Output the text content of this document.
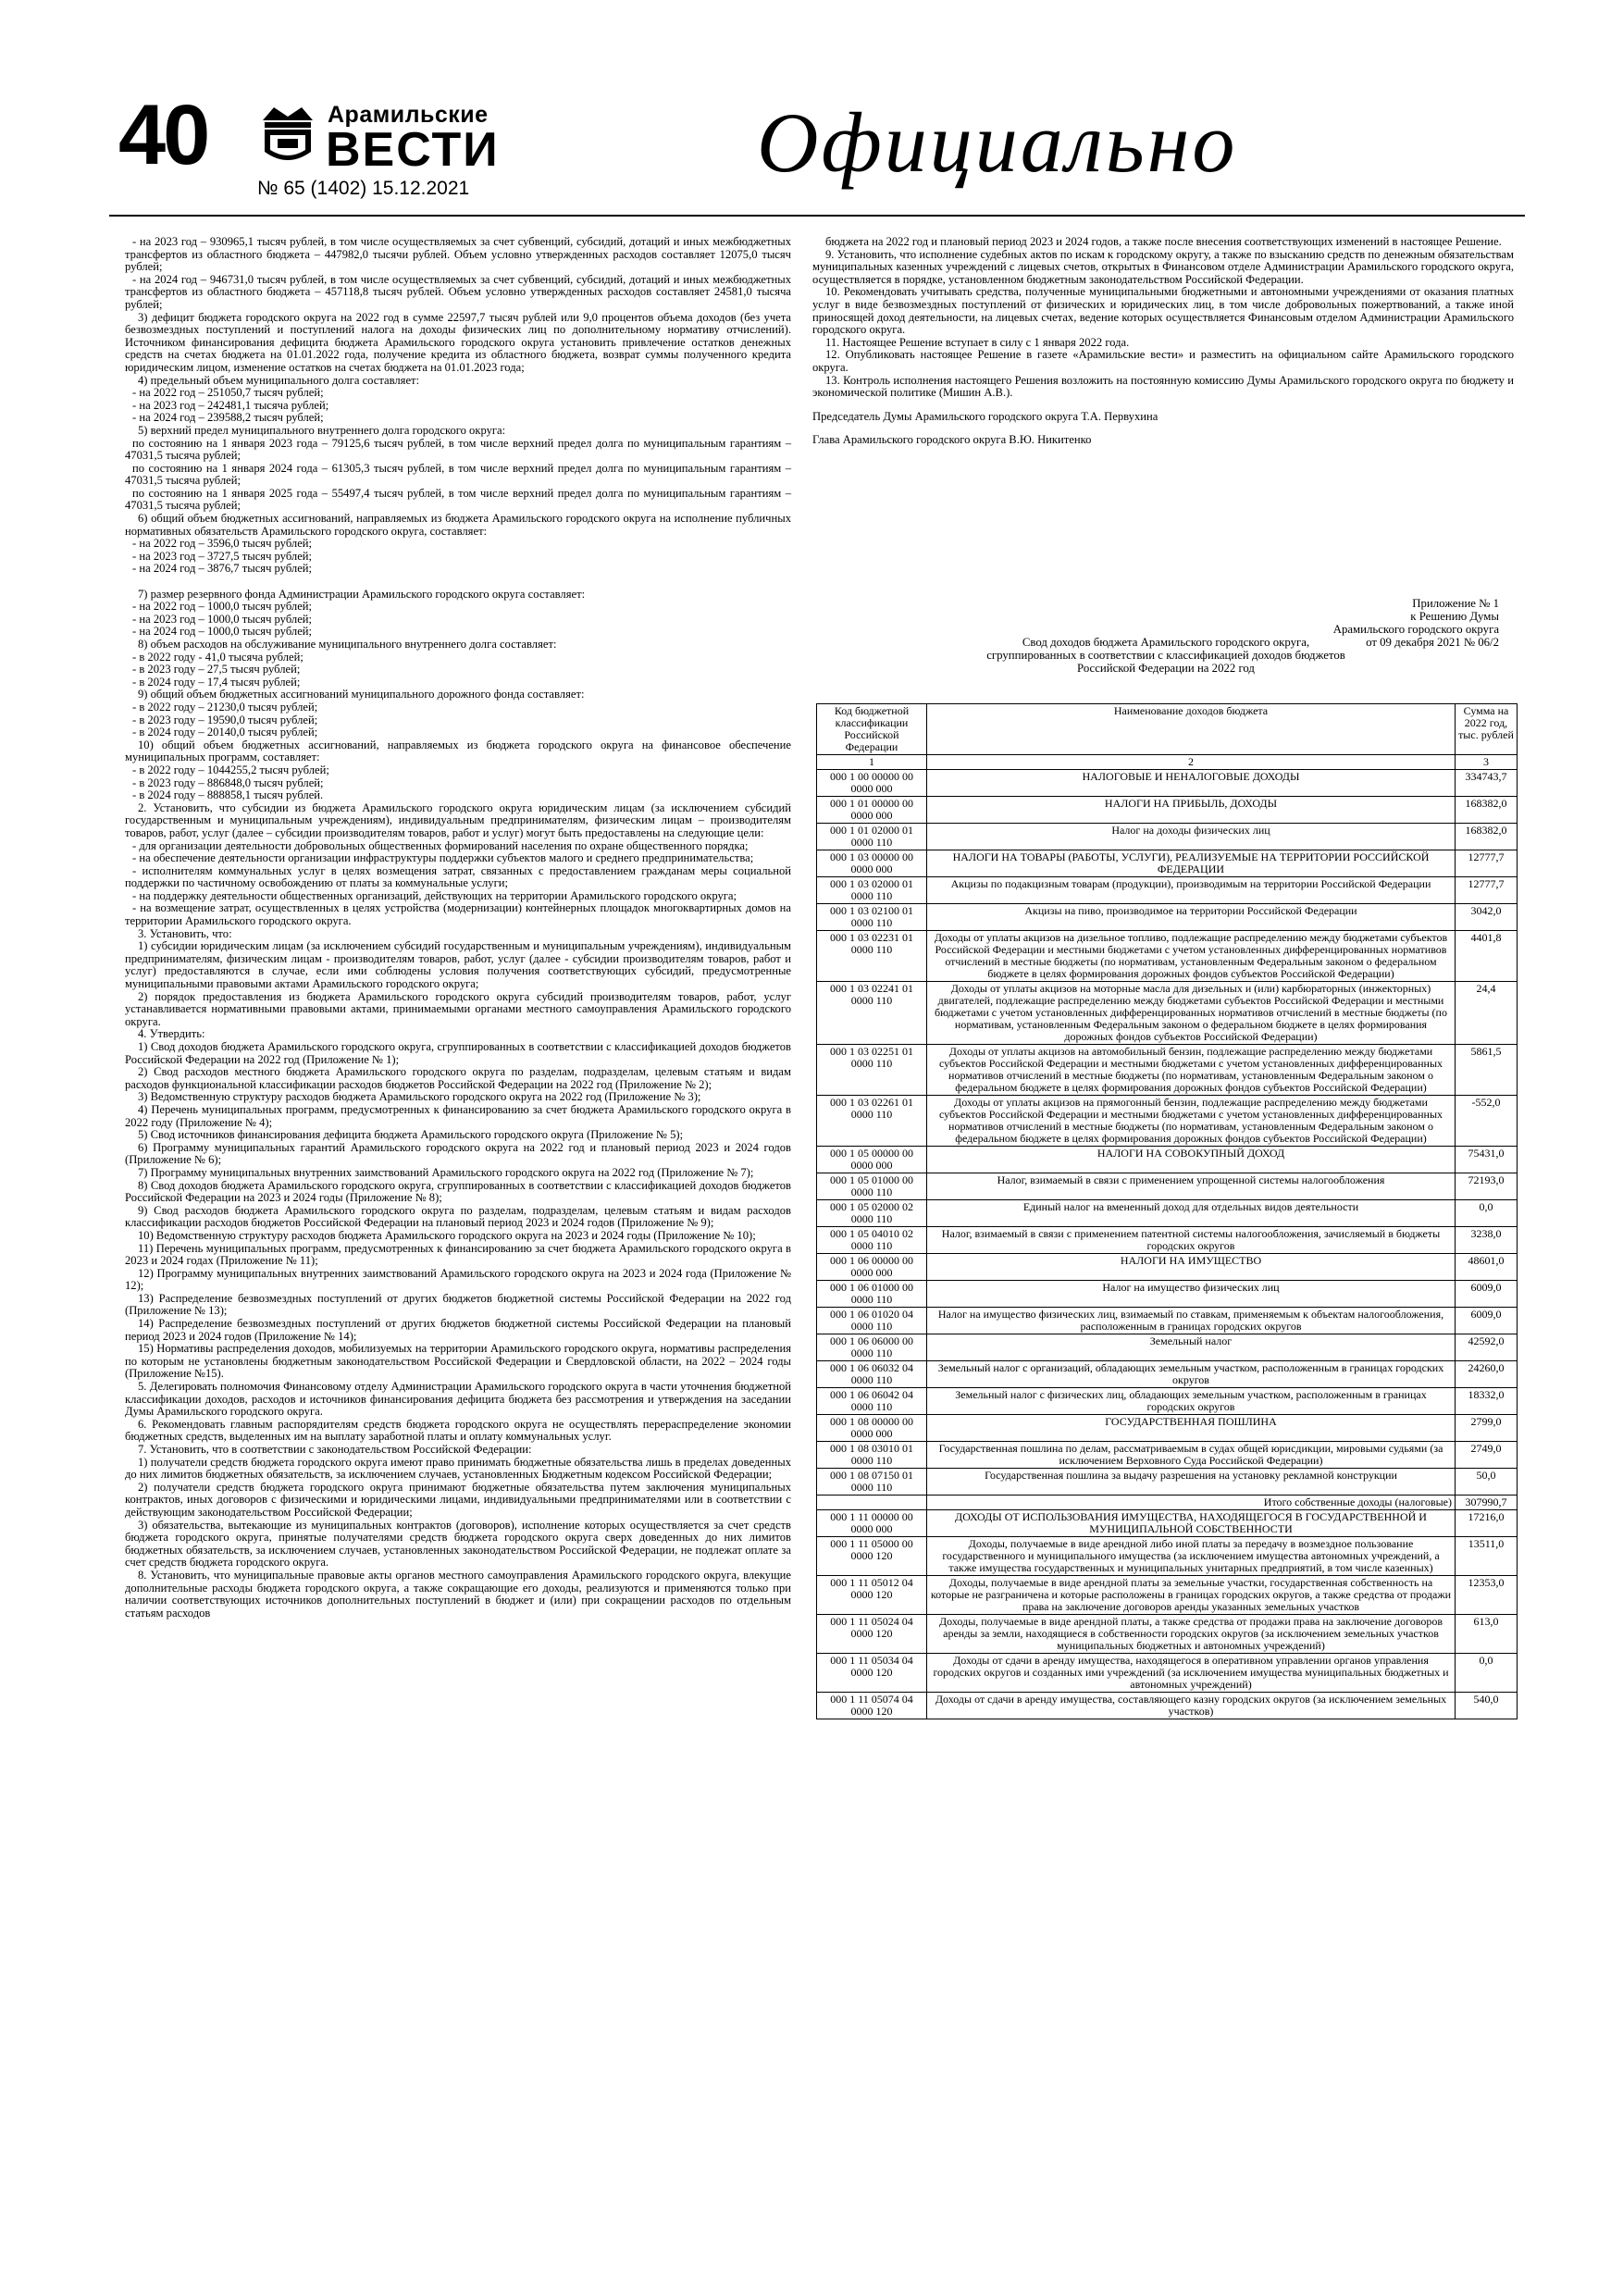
40	Арамильские
ВЕСТИ
№ 65 (1402) 15.12.2021	Официально

- на 2023 год – 930965,1 тысяч рублей, в том числе осуществляемых за счет субвенций, субсидий, дотаций и иных межбюджетных трансфертов из областного бюджета – 447982,0 тысячи рублей. Объем условно утвержденных расходов составляет 12075,0 тысяч рублей;

- на 2024 год – 946731,0 тысяч рублей, в том числе осуществляемых за счет субвенций, субсидий, дотаций и иных межбюджетных трансфертов из областного бюджета – 457118,8 тысяч рублей. Объем условно утвержденных расходов составляет 24581,0 тысяча рублей;

3) дефицит бюджета городского округа на 2022 год в сумме 22597,7 тысяч рублей или 9,0 процентов объема доходов (без учета безвозмездных поступлений и поступлений налога на доходы физических лиц по дополнительному нормативу отчислений). Источником финансирования дефицита бюджета Арамильского городского округа установить привлечение остатков денежных средств на счетах бюджета на 01.01.2022 года, получение кредита из областного бюджета, возврат суммы полученного кредита юридическим лицом, изменение остатков на счетах бюджета на 01.01.2023 года;

4) предельный объем муниципального долга составляет:

- на 2022 год – 251050,7 тысяч рублей;

- на 2023 год – 242481,1 тысяча рублей;

- на 2024 год – 239588,2 тысяч рублей;

5) верхний предел муниципального внутреннего долга городского округа:

по состоянию на 1 января 2023 года – 79125,6 тысяч рублей, в том числе верхний предел долга по муниципальным гарантиям – 47031,5 тысяча рублей;

по состоянию на 1 января 2024 года – 61305,3 тысяч рублей, в том числе верхний предел долга по муниципальным гарантиям – 47031,5 тысяча рублей;

по состоянию на 1 января 2025 года – 55497,4 тысяч рублей, в том числе верхний предел долга по муниципальным гарантиям – 47031,5 тысяча рублей;

6) общий объем бюджетных ассигнований, направляемых из бюджета Арамильского городского округа на исполнение публичных нормативных обязательств Арамильского городского округа, составляет:

- на 2022 год – 3596,0 тысяч рублей;

- на 2023 год – 3727,5 тысяч рублей;

- на 2024 год – 3876,7 тысяч рублей;

7) размер резервного фонда Администрации Арамильского городского округа составляет:

- на 2022 год – 1000,0 тысяч рублей;

- на 2023 год – 1000,0 тысяч рублей;

- на 2024 год – 1000,0 тысяч рублей;

8) объем расходов на обслуживание муниципального внутреннего долга составляет:

- в 2022 году - 41,0 тысяча рублей;

- в 2023 году – 27,5 тысяч рублей;

- в 2024 году – 17,4 тысяч рублей;

9) общий объем бюджетных ассигнований муниципального дорожного фонда составляет:

- в 2022 году – 21230,0 тысяч рублей;

- в 2023 году – 19590,0 тысяч рублей;

- в 2024 году – 20140,0 тысяч рублей;

10) общий объем бюджетных ассигнований, направляемых из бюджета городского округа на финансовое обеспечение муниципальных программ, составляет:

- в 2022 году – 1044255,2 тысяч рублей;

- в 2023 году – 886848,0 тысяч рублей;

- в 2024 году – 888858,1 тысяч рублей.

2. Установить, что субсидии из бюджета Арамильского городского округа юридическим лицам (за исключением субсидий государственным и муниципальным учреждениям), индивидуальным предпринимателям, физическим лицам – производителям товаров, работ, услуг (далее – субсидии производителям товаров, работ и услуг) могут быть предоставлены на следующие цели:

- для организации деятельности добровольных общественных формирований населения по охране общественного порядка;

- на обеспечение деятельности организации инфраструктуры поддержки субъектов малого и среднего предпринимательства;

- исполнителям коммунальных услуг в целях возмещения затрат, связанных с предоставлением гражданам меры социальной поддержки по частичному освобождению от платы за коммунальные услуги;

- на поддержку деятельности общественных организаций, действующих на территории Арамильского городского округа;

- на возмещение затрат, осуществленных в целях устройства (модернизации) контейнерных площадок многоквартирных домов на территории Арамильского городского округа.

3. Установить, что:

1) субсидии юридическим лицам (за исключением субсидий государственным и муниципальным учреждениям), индивидуальным предпринимателям, физическим лицам - производителям товаров, работ, услуг (далее - субсидии производителям товаров, работ и услуг) предоставляются в случае, если ими соблюдены условия получения соответствующих субсидий, предусмотренные муниципальными правовыми актами Арамильского городского округа;

2) порядок предоставления из бюджета Арамильского городского округа субсидий производителям товаров, работ, услуг устанавливается нормативными правовыми актами, принимаемыми органами местного самоуправления Арамильского городского округа.

4. Утвердить:

1) Свод доходов бюджета Арамильского городского округа, сгруппированных в соответствии с классификацией доходов бюджетов Российской Федерации на 2022 год (Приложение № 1);

2) Свод расходов местного бюджета Арамильского городского округа по разделам, подразделам, целевым статьям и видам расходов функциональной классификации расходов бюджетов Российской Федерации на 2022 год (Приложение № 2);

3) Ведомственную структуру расходов бюджета Арамильского городского округа на 2022 год (Приложение № 3);

4) Перечень муниципальных программ, предусмотренных к финансированию за счет бюджета Арамильского городского округа в 2022 году (Приложение № 4);

5) Свод источников финансирования дефицита бюджета Арамильского городского округа (Приложение № 5);

6) Программу муниципальных гарантий Арамильского городского округа на 2022 год и плановый период 2023 и 2024 годов (Приложение № 6);

7) Программу муниципальных внутренних заимствований Арамильского городского округа на 2022 год (Приложение № 7);

8) Свод доходов бюджета Арамильского городского округа, сгруппированных в соответствии с классификацией доходов бюджетов Российской Федерации на 2023 и 2024 годы (Приложение № 8);

9) Свод расходов бюджета Арамильского городского округа по разделам, подразделам, целевым статьям и видам расходов классификации расходов бюджетов Российской Федерации на плановый период 2023 и 2024 годов (Приложение № 9);

10) Ведомственную структуру расходов бюджета Арамильского городского округа на 2023 и 2024 годы (Приложение № 10);

11) Перечень муниципальных программ, предусмотренных к финансированию за счет бюджета Арамильского городского округа в 2023 и 2024 годах (Приложение № 11);

12) Программу муниципальных внутренних заимствований Арамильского городского округа на 2023 и 2024 года (Приложение № 12);

13) Распределение безвозмездных поступлений от других бюджетов бюджетной системы Российской Федерации на 2022 год (Приложение № 13);

14) Распределение безвозмездных поступлений от других бюджетов бюджетной системы Российской Федерации на плановый период 2023 и 2024 годов (Приложение № 14);

15) Нормативы распределения доходов, мобилизуемых на территории Арамильского городского округа, нормативы распределения по которым не установлены бюджетным законодательством Российской Федерации и Свердловской области, на 2022 – 2024 годы (Приложение №15).

5. Делегировать полномочия Финансовому отделу Администрации Арамильского городского округа в части уточнения бюджетной классификации доходов, расходов и источников финансирования дефицита бюджета без рассмотрения и утверждения на заседании Думы Арамильского городского округа.

6. Рекомендовать главным распорядителям средств бюджета городского округа не осуществлять перераспределение экономии бюджетных средств, выделенных им на выплату заработной платы и оплату коммунальных услуг.

7. Установить, что в соответствии с законодательством Российской Федерации:

1) получатели средств бюджета городского округа имеют право принимать бюджетные обязательства лишь в пределах доведенных до них лимитов бюджетных обязательств, за исключением случаев, установленных Бюджетным кодексом Российской Федерации;

2) получатели средств бюджета городского округа принимают бюджетные обязательства путем заключения муниципальных контрактов, иных договоров с физическими и юридическими лицами, индивидуальными предпринимателями или в соответствии с действующим законодательством Российской Федерации;

3) обязательства, вытекающие из муниципальных контрактов (договоров), исполнение которых осуществляется за счет средств бюджета городского округа, принятые получателями средств бюджета городского округа сверх доведенных до них лимитов бюджетных обязательств, за исключением случаев, установленных законодательством Российской Федерации, не подлежат оплате за счет средств бюджета городского округа.

8. Установить, что муниципальные правовые акты органов местного самоуправления Арамильского городского округа, влекущие дополнительные расходы бюджета городского округа, а также сокращающие его доходы, реализуются и применяются только при наличии соответствующих источников дополнительных поступлений в бюджет и (или) при сокращении расходов по отдельным статьям расходов

бюджета на 2022 год и плановый период 2023 и 2024 годов, а также после внесения соответствующих изменений в настоящее Решение.

9. Установить, что исполнение судебных актов по искам к городскому округу, а также по взысканию средств по денежным обязательствам муниципальных казенных учреждений с лицевых счетов, открытых в Финансовом отделе Администрации Арамильского городского округа, осуществляется в порядке, установленном бюджетным законодательством Российской Федерации.

10. Рекомендовать учитывать средства, полученные муниципальными бюджетными и автономными учреждениями от оказания платных услуг в виде безвозмездных поступлений от физических и юридических лиц, в том числе добровольных пожертвований, а также иной приносящей доход деятельности, на лицевых счетах, ведение которых осуществляется Финансовым отделом Администрации Арамильского городского округа.

11. Настоящее Решение вступает в силу с 1 января 2022 года.

12. Опубликовать настоящее Решение в газете «Арамильские вести» и разместить на официальном сайте Арамильского городского округа.

13. Контроль исполнения настоящего Решения возложить на постоянную комиссию Думы Арамильского городского округа по бюджету и экономической политике (Мишин А.В.).

Председатель Думы Арамильского городского округа Т.А. Первухина

Глава Арамильского городского округа В.Ю. Никитенко

Приложение № 1
к Решению Думы
Арамильского городского округа
от 09 декабря 2021 № 06/2
Свод доходов бюджета Арамильского городского округа,
сгруппированных в соответствии с классификацией доходов бюджетов
Российской Федерации на 2022 год
Код бюджетной классификации Российской Федерации	Наименование доходов бюджета	Сумма на 2022 год, тыс. рублей
1	2	3
000 1 00 00000 00 0000 000	НАЛОГОВЫЕ И НЕНАЛОГОВЫЕ ДОХОДЫ	334743,7
000 1 01 00000 00 0000 000	НАЛОГИ НА ПРИБЫЛЬ, ДОХОДЫ	168382,0
000 1 01 02000 01 0000 110	Налог на доходы физических лиц	168382,0
000 1 03 00000 00 0000 000	НАЛОГИ НА ТОВАРЫ (РАБОТЫ, УСЛУГИ), РЕАЛИЗУЕМЫЕ НА ТЕРРИТОРИИ РОССИЙСКОЙ ФЕДЕРАЦИИ	12777,7
000 1 03 02000 01 0000 110	Акцизы по подакцизным товарам (продукции), производимым на территории Российской Федерации	12777,7
000 1 03 02100 01 0000 110	Акцизы на пиво, производимое на территории Российской Федерации	3042,0
000 1 03 02231 01 0000 110	Доходы от уплаты акцизов на дизельное топливо, подлежащие распределению между бюджетами субъектов Российской Федерации и местными бюджетами с учетом установленных дифференцированных нормативов отчислений в местные бюджеты (по нормативам, установленным Федеральным законом о федеральном бюджете в целях формирования дорожных фондов субъектов Российской Федерации)	4401,8
000 1 03 02241 01 0000 110	Доходы от уплаты акцизов на моторные масла для дизельных и (или) карбюраторных (инжекторных) двигателей, подлежащие распределению между бюджетами субъектов Российской Федерации и местными бюджетами с учетом установленных дифференцированных нормативов отчислений в местные бюджеты (по нормативам, установленным Федеральным законом о федеральном бюджете в целях формирования дорожных фондов субъектов Российской Федерации)	24,4
000 1 03 02251 01 0000 110	Доходы от уплаты акцизов на автомобильный бензин, подлежащие распределению между бюджетами субъектов Российской Федерации и местными бюджетами с учетом установленных дифференцированных нормативов отчислений в местные бюджеты (по нормативам, установленным Федеральным законом о федеральном бюджете в целях формирования дорожных фондов субъектов Российской Федерации)	5861,5
000 1 03 02261 01 0000 110	Доходы от уплаты акцизов на прямогонный бензин, подлежащие распределению между бюджетами субъектов Российской Федерации и местными бюджетами с учетом установленных дифференцированных нормативов отчислений в местные бюджеты (по нормативам, установленным Федеральным законом о федеральном бюджете в целях формирования дорожных фондов субъектов Российской Федерации)	-552,0
000 1 05 00000 00 0000 000	НАЛОГИ НА СОВОКУПНЫЙ ДОХОД	75431,0
000 1 05 01000 00 0000 110	Налог, взимаемый в связи с применением упрощенной системы налогообложения	72193,0
000 1 05 02000 02 0000 110	Единый налог на вмененный доход для отдельных видов деятельности	0,0
000 1 05 04010 02 0000 110	Налог, взимаемый в связи с применением патентной системы налогообложения, зачисляемый в бюджеты городских округов	3238,0
000 1 06 00000 00 0000 000	НАЛОГИ НА ИМУЩЕСТВО	48601,0
000 1 06 01000 00 0000 110	Налог на имущество физических лиц	6009,0
000 1 06 01020 04 0000 110	Налог на имущество физических лиц, взимаемый по ставкам, применяемым к объектам налогообложения, расположенным в границах городских округов	6009,0
000 1 06 06000 00 0000 110	Земельный налог	42592,0
000 1 06 06032 04 0000 110	Земельный налог с организаций, обладающих земельным участком, расположенным в границах городских округов	24260,0
000 1 06 06042 04 0000 110	Земельный налог с физических лиц, обладающих земельным участком, расположенным в границах городских округов	18332,0
000 1 08 00000 00 0000 000	ГОСУДАРСТВЕННАЯ ПОШЛИНА	2799,0
000 1 08 03010 01 0000 110	Государственная пошлина по делам, рассматриваемым в судах общей юрисдикции, мировыми судьями (за исключением Верховного Суда Российской Федерации)	2749,0
000 1 08 07150 01 0000 110	Государственная пошлина за выдачу разрешения на установку рекламной конструкции	50,0
	Итого собственные доходы (налоговые)	307990,7
000 1 11 00000 00 0000 000	ДОХОДЫ ОТ ИСПОЛЬЗОВАНИЯ ИМУЩЕСТВА, НАХОДЯЩЕГОСЯ В ГОСУДАРСТВЕННОЙ И МУНИЦИПАЛЬНОЙ СОБСТВЕННОСТИ	17216,0
000 1 11 05000 00 0000 120	Доходы, получаемые в виде арендной либо иной платы за передачу в возмездное пользование государственного и муниципального имущества (за исключением имущества автономных учреждений, а также имущества государственных и муниципальных унитарных предприятий, в том числе казенных)	13511,0
000 1 11 05012 04 0000 120	Доходы, получаемые в виде арендной платы за земельные участки, государственная собственность на которые не разграничена и которые расположены в границах городских округов, а также средства от продажи права на заключение договоров аренды указанных земельных участков	12353,0
000 1 11 05024 04 0000 120	Доходы, получаемые в виде арендной платы, а также средства от продажи права на заключение договоров аренды за земли, находящиеся в собственности городских округов (за исключением земельных участков муниципальных бюджетных и автономных учреждений)	613,0
000 1 11 05034 04 0000 120	Доходы от сдачи в аренду имущества, находящегося в оперативном управлении органов управления городских округов и созданных ими учреждений (за исключением имущества муниципальных бюджетных и автономных учреждений)	0,0
000 1 11 05074 04 0000 120	Доходы от сдачи в аренду имущества, составляющего казну городских округов (за исключением земельных участков)	540,0
